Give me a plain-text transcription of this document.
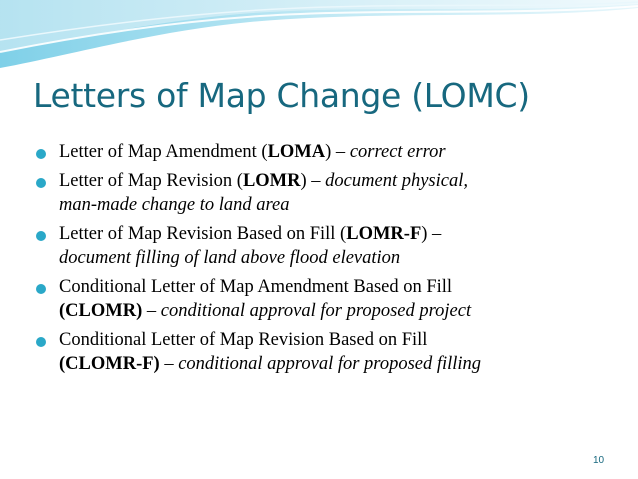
Letters of Map Change (LOMC)
Letter of Map Amendment (LOMA) – correct error
Letter of Map Revision (LOMR) – document physical,
man-made change to land area
Letter of Map Revision Based on Fill (LOMR-F) –
document filling of land above flood elevation
Conditional Letter of Map Amendment Based on Fill
(CLOMR) – conditional approval for proposed project
Conditional Letter of Map Revision Based on Fill
(CLOMR-F) – conditional approval for proposed filling
10
